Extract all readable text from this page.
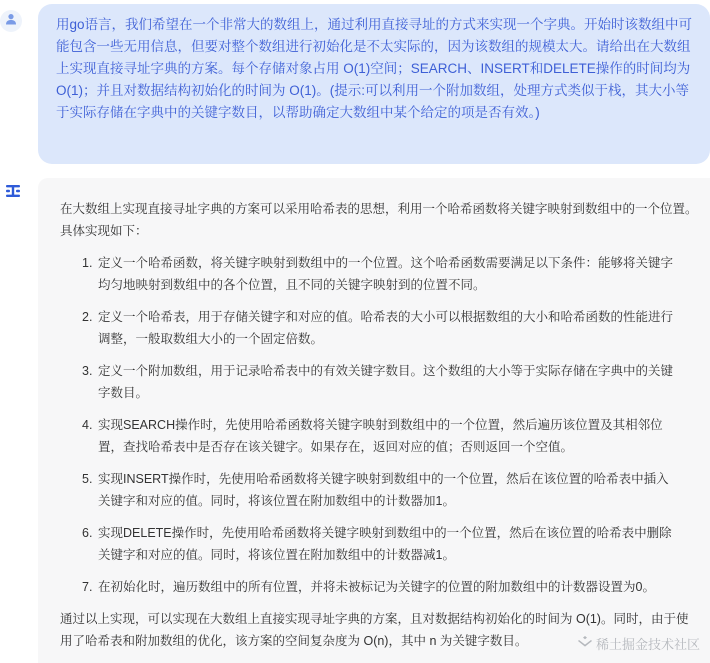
用go语言，我们希望在一个非常大的数组上，通过利用直接寻址的方式来实现一个字典。开始时该数组中可能包含一些无用信息，但要对整个数组进行初始化是不太实际的，因为该数组的规模太大。请给出在大数组上实现直接寻址字典的方案。每个存储对象占用 O(1)空间；SEARCH、INSERT和DELETE操作的时间均为 O(1)；并且对数据结构初始化的时间为 O(1)。(提示:可以利用一个附加数组，处理方式类似于栈，其大小等于实际存储在字典中的关键字数目，以帮助确定大数组中某个给定的项是否有效。)

在大数组上实现直接寻址字典的方案可以采用哈希表的思想，利用一个哈希函数将关键字映射到数组中的一个位置。具体实现如下：

1. 定义一个哈希函数，将关键字映射到数组中的一个位置。这个哈希函数需要满足以下条件：能够将关键字均匀地映射到数组中的各个位置，且不同的关键字映射到的位置不同。
2. 定义一个哈希表，用于存储关键字和对应的值。哈希表的大小可以根据数组的大小和哈希函数的性能进行调整，一般取数组大小的一个固定倍数。
3. 定义一个附加数组，用于记录哈希表中的有效关键字数目。这个数组的大小等于实际存储在字典中的关键字数目。
4. 实现SEARCH操作时，先使用哈希函数将关键字映射到数组中的一个位置，然后遍历该位置及其相邻位置，查找哈希表中是否存在该关键字。如果存在，返回对应的值；否则返回一个空值。
5. 实现INSERT操作时，先使用哈希函数将关键字映射到数组中的一个位置，然后在该位置的哈希表中插入关键字和对应的值。同时，将该位置在附加数组中的计数器加1。
6. 实现DELETE操作时，先使用哈希函数将关键字映射到数组中的一个位置，然后在该位置的哈希表中删除关键字和对应的值。同时，将该位置在附加数组中的计数器减1。
7. 在初始化时，遍历数组中的所有位置，并将未被标记为关键字的位置的附加数组中的计数器设置为0。

通过以上实现，可以实现在大数组上直接实现寻址字典的方案，且对数据结构初始化的时间为 O(1)。同时，由于使用了哈希表和附加数组的优化，该方案的空间复杂度为 O(n)，其中 n 为关键字数目。	稀土掘金技术社区
